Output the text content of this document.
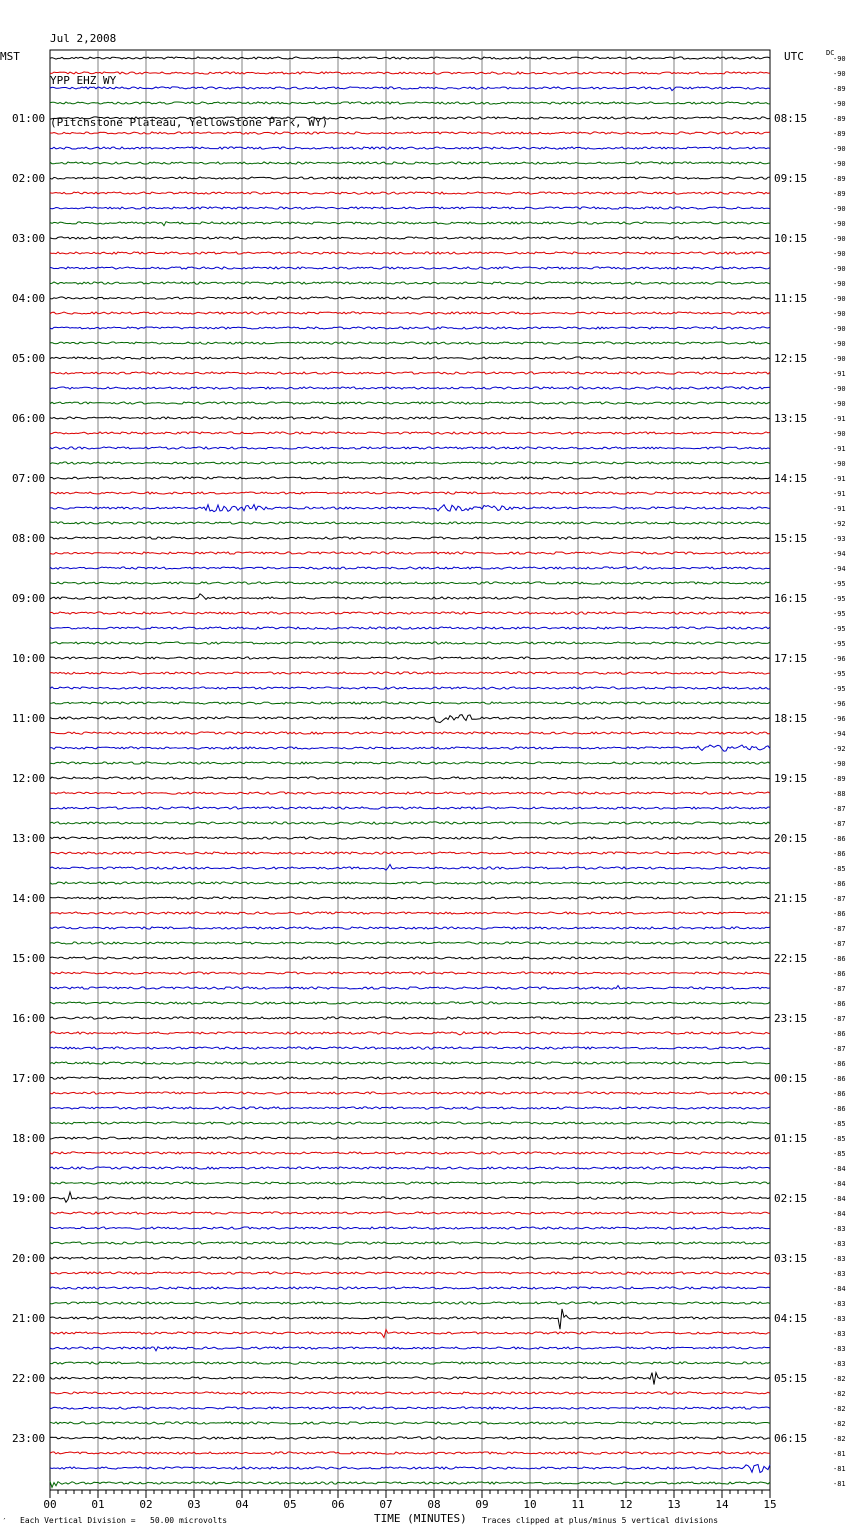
Jul 2,2008

YPP EHZ WY

(Pitchstone Plateau, Yellowstone Park, WY)

MST	UTC	DC
-90
-90
-89
-90
-89
-89
-90
-90
-89
-89
-90
-90
-90
-90
-90
-90
-90
-90
-90
-90
-90
-91
-90
-90
-91
-90
-91
-90
-91
-91
-91
-92
-93
-94
-94
-95
-95
-95
-95
-95
-96
-95
-95
-96
-96
-94
-92
-90
-89
-88
-87
-87
-86
-86
-85
-86
-87
-86
-87
-87
-86
-86
-87
-86
-87
-86
-87
-86
-86
-86
-86
-85
-85
-85
-84
-84
-84
-84
-83
-83
-83
-83
-84
-83
-83
-83
-83
-83
-82
-82
-82
-82
-82
-81
-81
-81
01:00
02:00
03:00
04:00
05:00
06:00
07:00
08:00
09:00
10:00
11:00
12:00
13:00
14:00
15:00
16:00
17:00
18:00
19:00
20:00
21:00
22:00
23:00
08:15
09:15
10:15
11:15
12:15
13:15
14:15
15:15
16:15
17:15
18:15
19:15
20:15
21:15
22:15
23:15
00:15
01:15
02:15
03:15
04:15
05:15
06:15
00	01	02	03	04	05	06	07	08	09	10	11	12	13	14	15
′ Each Vertical Division =   50.00 microvolts	TIME (MINUTES) Traces clipped at plus/minus 5 vertical divisions
